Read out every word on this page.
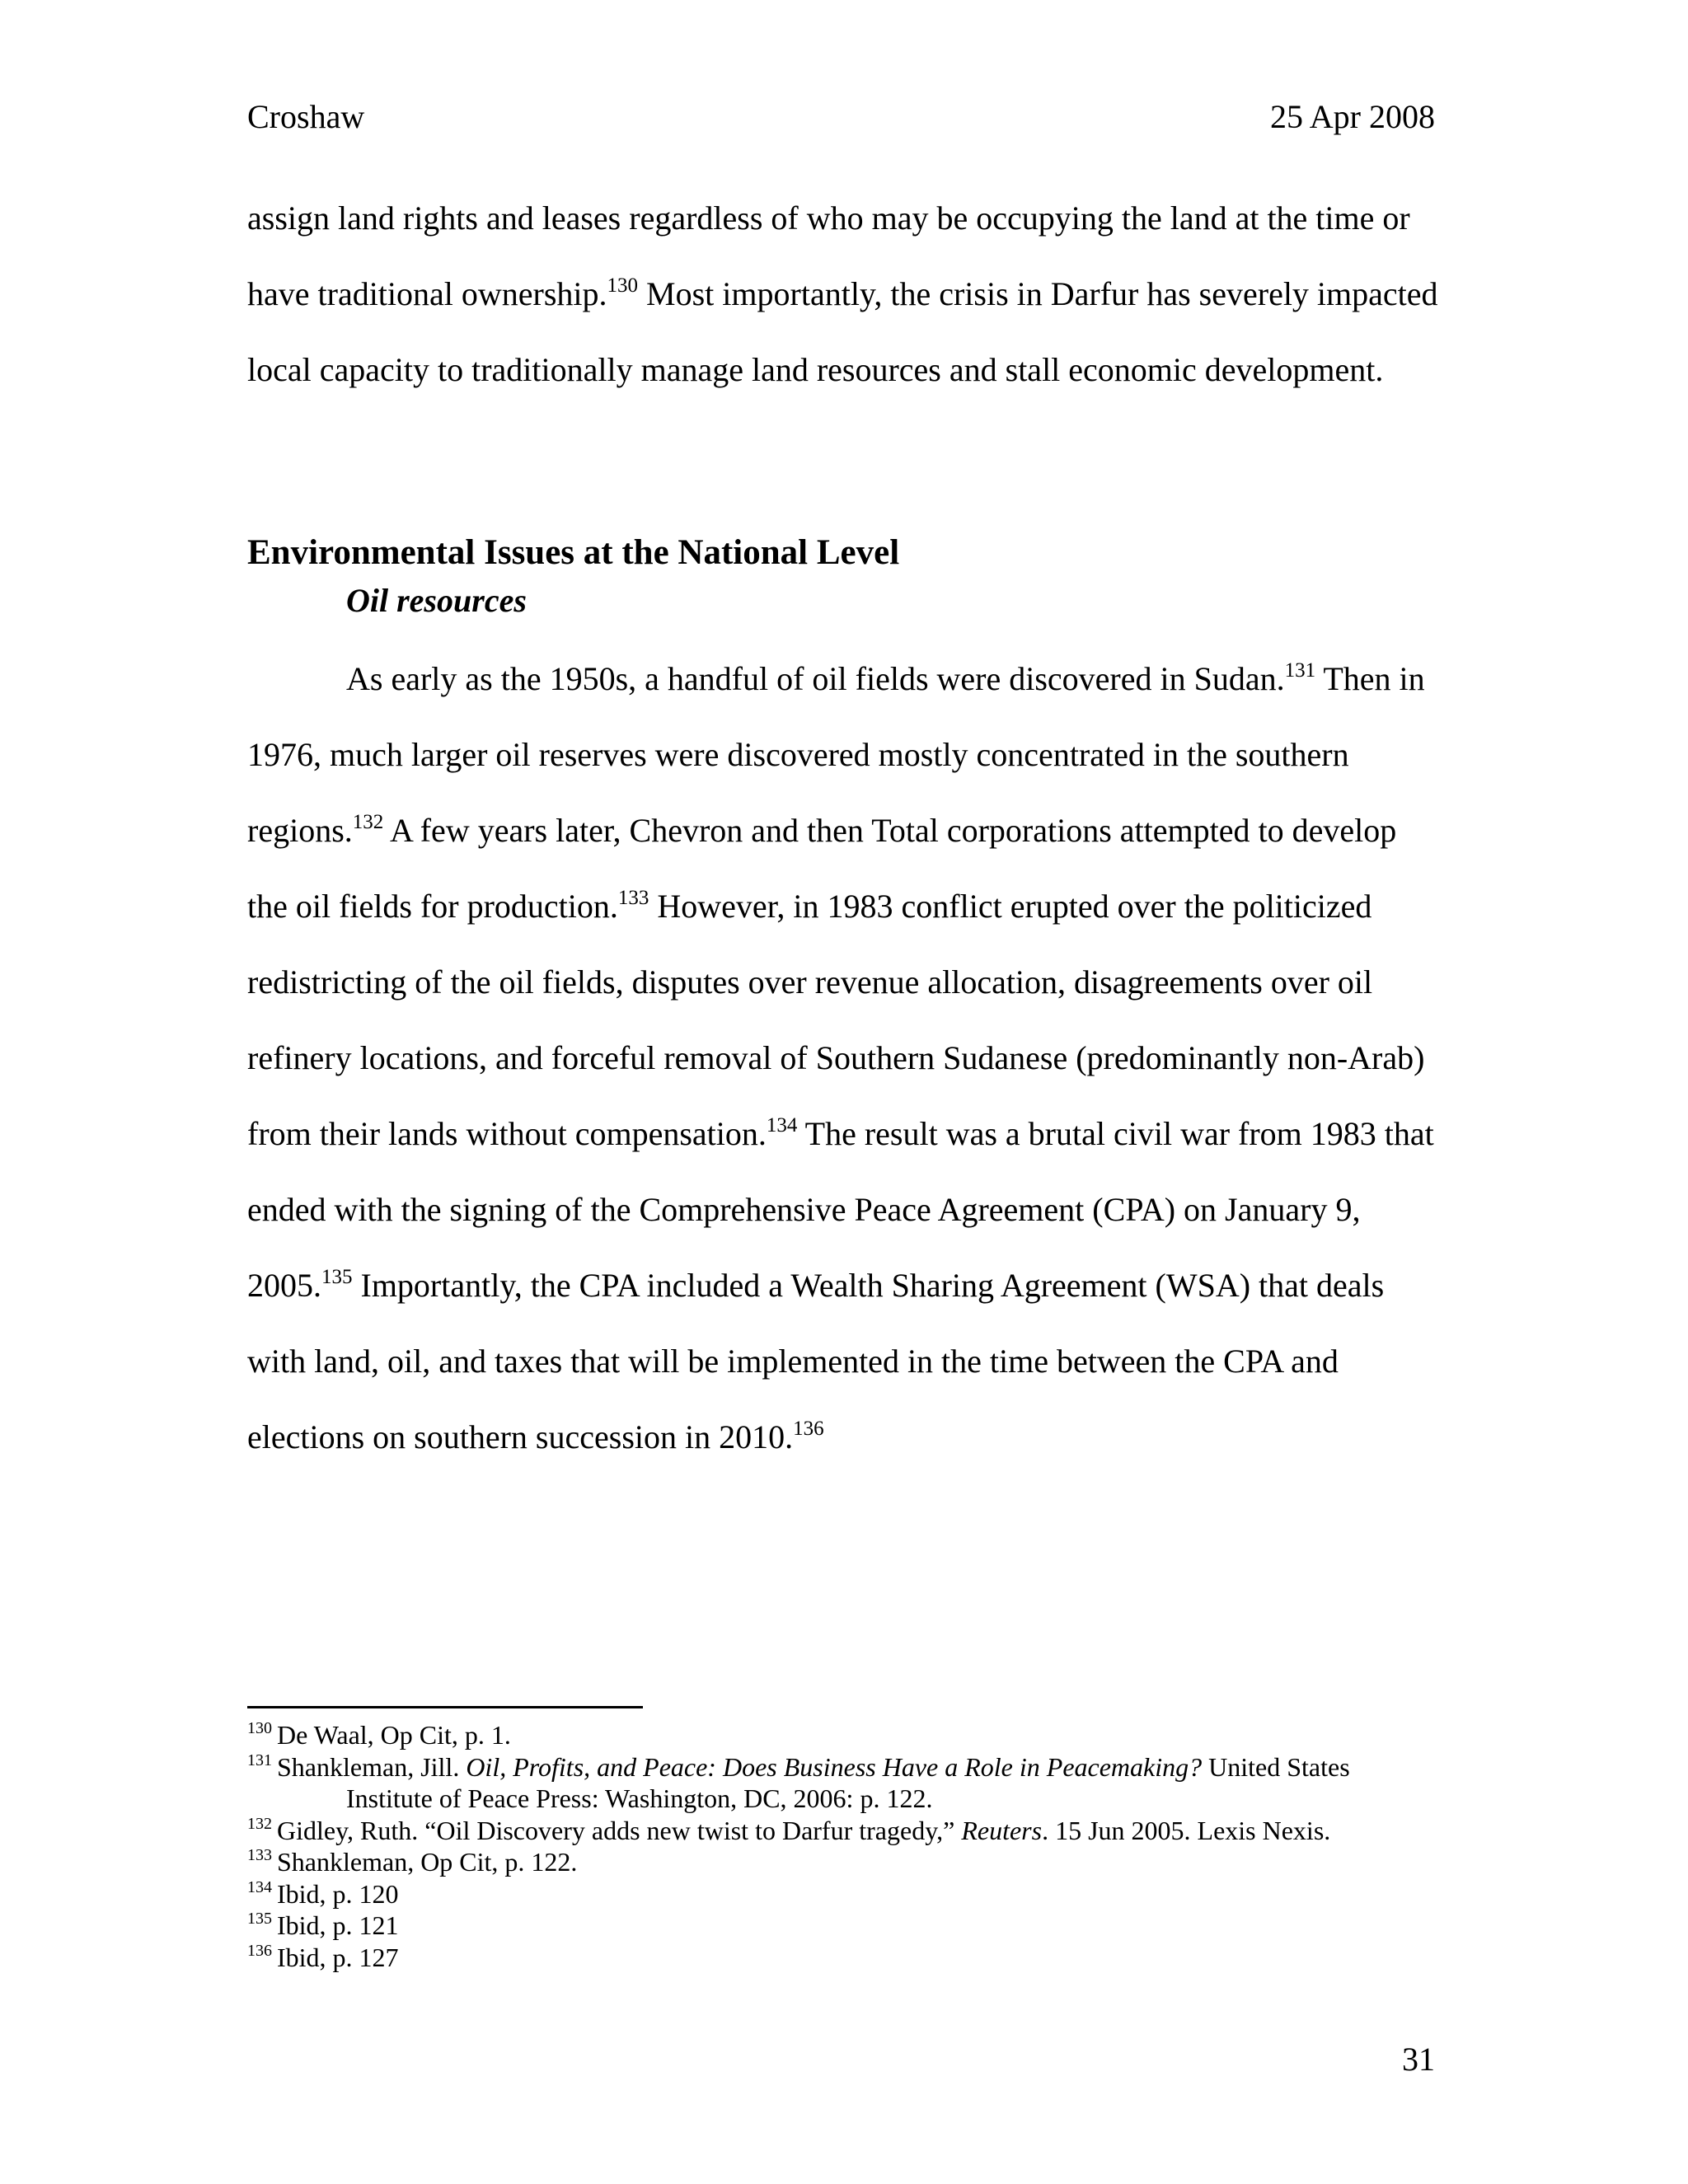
Croshaw	25 Apr 2008

assign land rights and leases regardless of who may be occupying the land at the time or have traditional ownership.$^{130}$ Most importantly, the crisis in Darfur has severely impacted local capacity to traditionally manage land resources and stall economic development.

Environmental Issues at the National Level
Oil resources

As early as the 1950s, a handful of oil fields were discovered in Sudan.$^{131}$ Then in 1976, much larger oil reserves were discovered mostly concentrated in the southern regions.$^{132}$ A few years later, Chevron and then Total corporations attempted to develop the oil fields for production.$^{133}$ However, in 1983 conflict erupted over the politicized redistricting of the oil fields, disputes over revenue allocation, disagreements over oil refinery locations, and forceful removal of Southern Sudanese (predominantly non-Arab) from their lands without compensation.$^{134}$ The result was a brutal civil war from 1983 that ended with the signing of the Comprehensive Peace Agreement (CPA) on January 9, 2005.$^{135}$ Importantly, the CPA included a Wealth Sharing Agreement (WSA) that deals with land, oil, and taxes that will be implemented in the time between the CPA and elections on southern succession in 2010.$^{136}$

$^{130}$ De Waal, Op Cit, p. 1.
$^{131}$ Shankleman, Jill. Oil, Profits, and Peace: Does Business Have a Role in Peacemaking? United States Institute of Peace Press: Washington, DC, 2006: p. 122.
$^{132}$ Gidley, Ruth. “Oil Discovery adds new twist to Darfur tragedy,” Reuters. 15 Jun 2005. Lexis Nexis.
$^{133}$ Shankleman, Op Cit, p. 122.
$^{134}$ Ibid, p. 120
$^{135}$ Ibid, p. 121
$^{136}$ Ibid, p. 127
31
